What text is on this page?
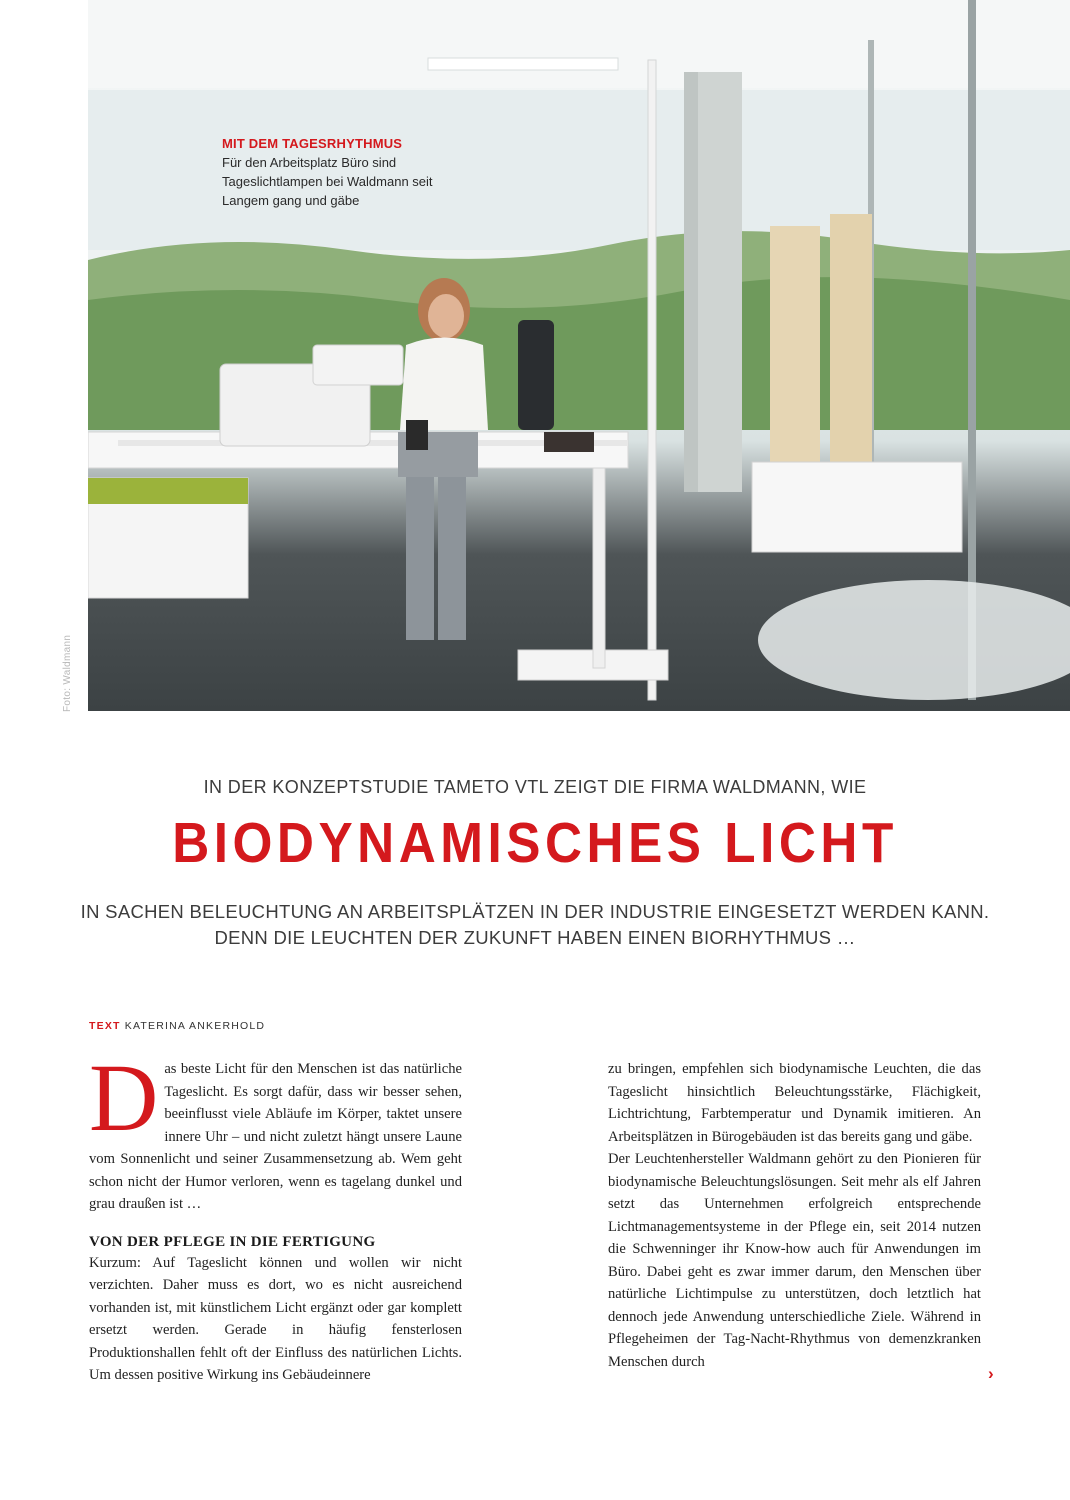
MIT DEM TAGESRHYTHMUS
Für den Arbeitsplatz Büro sind Tageslichtlampen bei Waldmann seit Langem gang und gäbe
Foto: Waldmann
IN DER KONZEPTSTUDIE TAMETO VTL ZEIGT DIE FIRMA WALDMANN, WIE
BIODYNAMISCHES LICHT
IN SACHEN BELEUCHTUNG AN ARBEITSPLÄTZEN IN DER INDUSTRIE EINGESETZT WERDEN KANN.
DENN DIE LEUCHTEN DER ZUKUNFT HABEN EINEN BIORHYTHMUS …
TEXT KATERINA ANKERHOLD

Das beste Licht für den Menschen ist das natürliche Tageslicht. Es sorgt dafür, dass wir besser sehen, beeinflusst viele Abläufe im Körper, taktet unsere innere Uhr – und nicht zuletzt hängt unsere Laune vom Sonnenlicht und seiner Zusammensetzung ab. Wem geht schon nicht der Humor verloren, wenn es tagelang dunkel und grau draußen ist …

VON DER PFLEGE IN DIE FERTIGUNG

Kurzum: Auf Tageslicht können und wollen wir nicht verzichten. Daher muss es dort, wo es nicht ausreichend vorhanden ist, mit künstlichem Licht ergänzt oder gar komplett ersetzt werden. Gerade in häufig fensterlosen Produktionshallen fehlt oft der Einfluss des natürlichen Lichts. Um dessen positive Wirkung ins Gebäudeinnere

zu bringen, empfehlen sich biodynamische Leuchten, die das Tageslicht hinsichtlich Beleuchtungsstärke, Flächigkeit, Lichtrichtung, Farbtemperatur und Dynamik imitieren. An Arbeitsplätzen in Bürogebäuden ist das bereits gang und gäbe.

Der Leuchtenhersteller Waldmann gehört zu den Pionieren für biodynamische Beleuchtungslösungen. Seit mehr als elf Jahren setzt das Unternehmen erfolgreich entsprechende Lichtmanagementsysteme in der Pflege ein, seit 2014 nutzen die Schwenninger ihr Know-how auch für Anwendungen im Büro. Dabei geht es zwar immer darum, den Menschen über natürliche Lichtimpulse zu unterstützen, doch letztlich hat dennoch jede Anwendung unterschiedliche Ziele. Während in Pflegeheimen der Tag-Nacht-Rhythmus von demenzkranken Menschen durch

›
